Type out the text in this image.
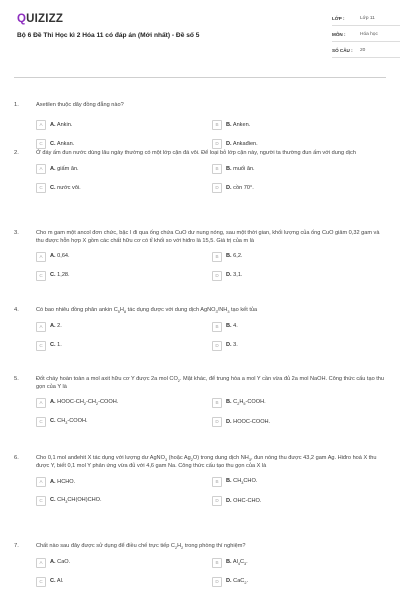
QUIZIZZ
Bộ 6 Đề Thi Học kì 2 Hóa 11 có đáp án (Mới nhất) - Đề số 5
LỚP :	Lớp 11
MÔN :	Hóa học
SỐ CÂU :	20
1.	Axetilen thuộc dãy đồng đẳng nào?
A	A. Ankin.	B	B. Anken.
C	C. Ankan.	D	D. Ankađien.
2.	Ở đáy ấm đun nước dùng lâu ngày thường có một lớp cặn đá vôi. Để loại bỏ lớp cặn này, người ta thường đun ấm với dung dịch
A	A. giấm ăn.	B	B. muối ăn.
C	C. nước vôi.	D	D. cồn 70°.
3.	Cho m gam một ancol đơn chức, bậc I đi qua ống chứa CuO dư nung nóng, sau một thời gian, khối lượng của ống CuO giảm 0,32 gam và thu được hỗn hợp X gồm các chất hữu cơ có tỉ khối so với hiđro là 15,5. Giá trị của m là
A	A. 0,64.	B	B. 6,2.
C	C. 1,28.	D	D. 3,1.
4.	Có bao nhiêu đồng phân ankin $C_5H_8$ tác dụng được với dung dịch $AgNO_3/NH_3$ tạo kết tủa
A	A. 2.	B	B. 4.
C	C. 1.	D	D. 3.
5.	Đốt cháy hoàn toàn a mol axit hữu cơ Y được 2a mol $CO_2$. Mặt khác, để trung hòa a mol Y cần vừa đủ 2a mol NaOH. Công thức cấu tạo thu gọn của Y là
A	A. HOOC-$CH_2-CH_2$-COOH.	B	B. $C_2H_5$-COOH.
C	C. $CH_3$-COOH.	D	D. HOOC-COOH.
6.	Cho 0,1 mol anđehit X tác dụng với lượng dư AgNO$_3$ (hoặc $Ag_2O$) trong dung dịch $NH_3$, đun nóng thu được 43,2 gam Ag. Hiđro hoá X thu được Y, biết 0,1 mol Y phản ứng vừa đủ với 4,6 gam Na. Công thức cấu tạo thu gọn của X là
A	A. HCHO.	B	B. $CH_3CHO$.
C	C. $CH_3CH(OH)CHO$.	D	D. OHC-CHO.
7.	Chất nào sau đây được sử dụng để điều chế trực tiếp $C_2H_2$ trong phòng thí nghiệm?
A	A. CaO.	B	B. $Al_4C_3$.
C	C. Al.	D	D. CaC$_2$.
